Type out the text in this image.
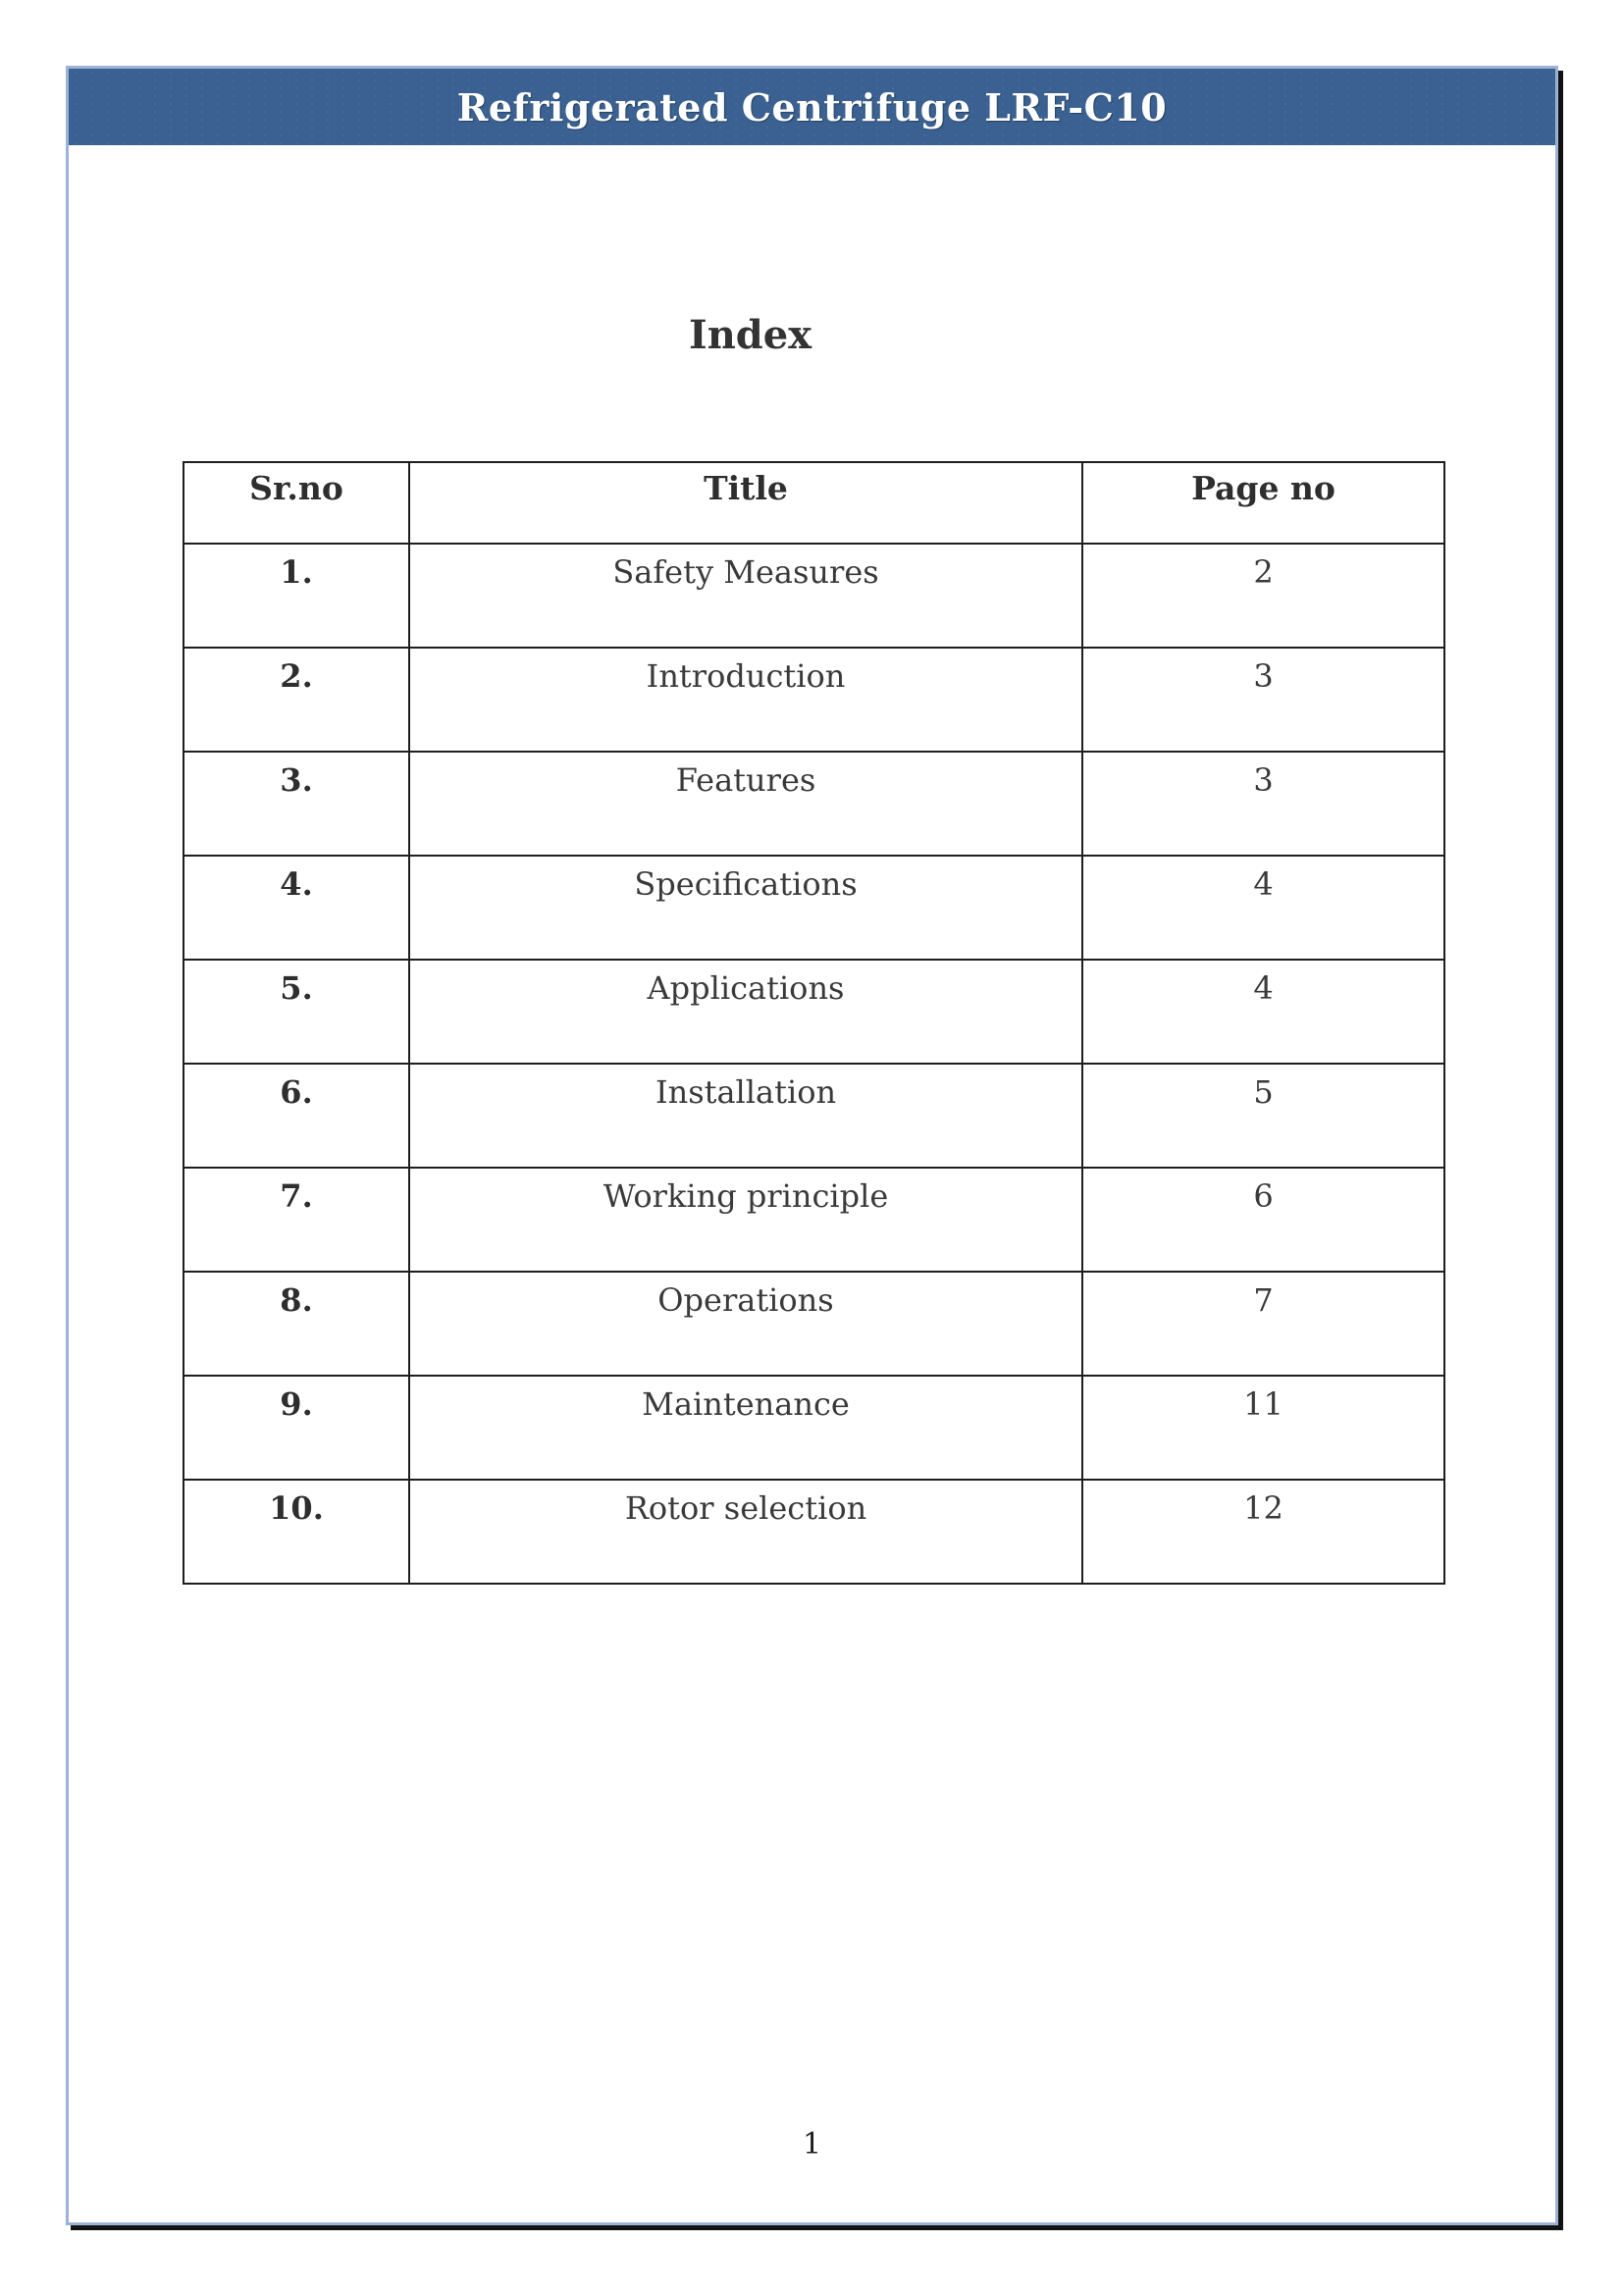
Refrigerated Centrifuge LRF-C10
Index
Sr.no	Title	Page no
1.	Safety Measures	2
2.	Introduction	3
3.	Features	3
4.	Specifications	4
5.	Applications	4
6.	Installation	5
7.	Working principle	6
8.	Operations	7
9.	Maintenance	11
10.	Rotor selection	12
1
